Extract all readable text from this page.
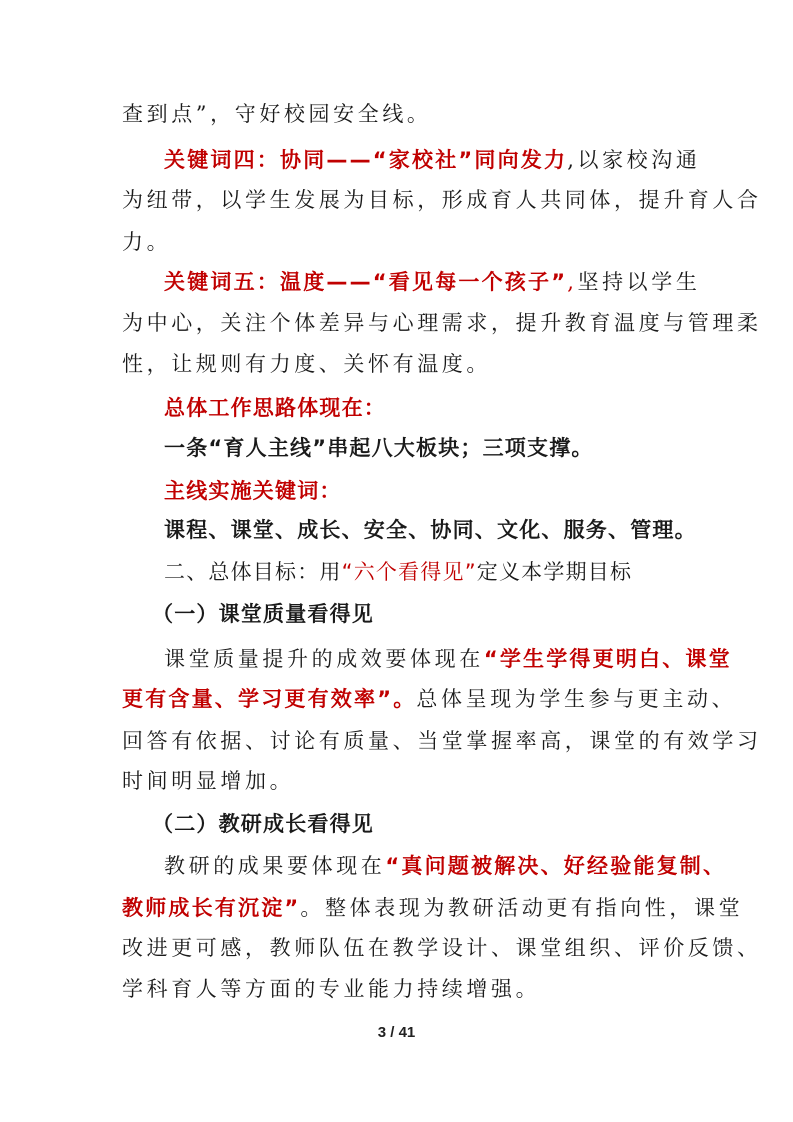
查到点”，守好校园安全线。
关键词四：协同——“家校社”同向发力,以家校沟通
为纽带，以学生发展为目标，形成育人共同体，提升育人合
力。
关键词五：温度——“看见每一个孩子”,坚持以学生
为中心，关注个体差异与心理需求，提升教育温度与管理柔
性，让规则有力度、关怀有温度。
总体工作思路体现在：
一条“育人主线”串起八大板块；三项支撑。
主线实施关键词：
课程、课堂、成长、安全、协同、文化、服务、管理。
二、总体目标：用“六个看得见”定义本学期目标
（一）课堂质量看得见
课堂质量提升的成效要体现在“学生学得更明白、课堂
更有含量、学习更有效率”。总体呈现为学生参与更主动、
回答有依据、讨论有质量、当堂掌握率高，课堂的有效学习
时间明显增加。
（二）教研成长看得见
教研的成果要体现在“真问题被解决、好经验能复制、
教师成长有沉淀”。整体表现为教研活动更有指向性，课堂
改进更可感，教师队伍在教学设计、课堂组织、评价反馈、
学科育人等方面的专业能力持续增强。
3 / 41
